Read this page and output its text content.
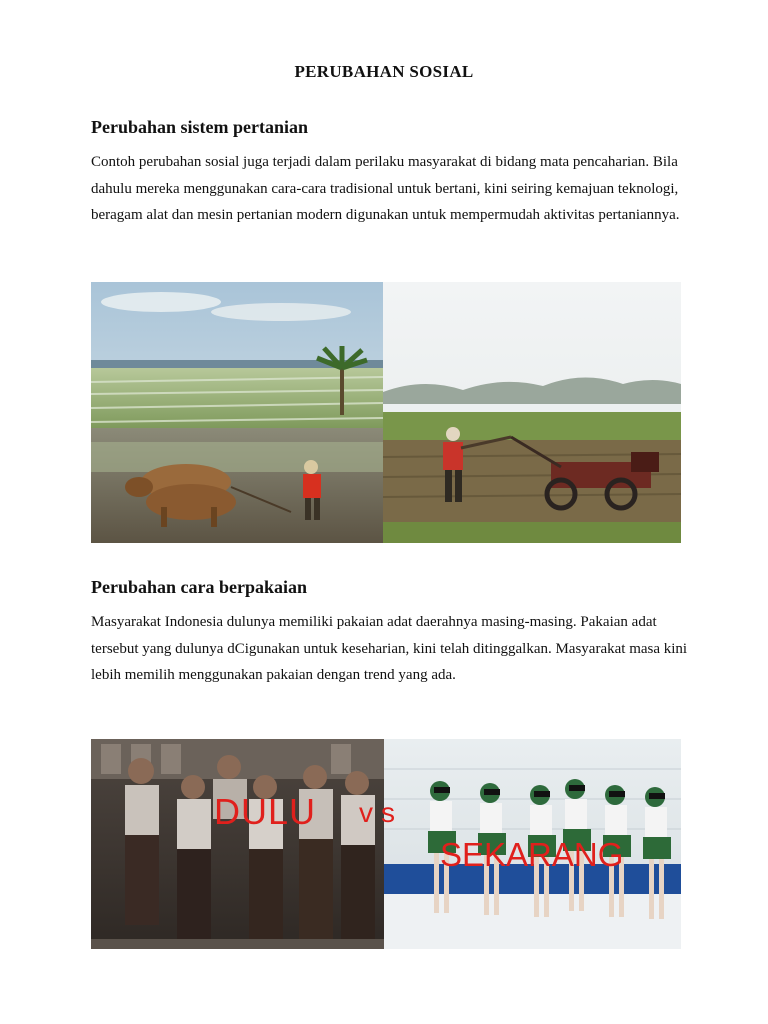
PERUBAHAN SOSIAL
Perubahan sistem pertanian
Contoh perubahan sosial juga terjadi dalam perilaku masyarakat di bidang mata pencaharian. Bila dahulu mereka menggunakan cara-cara tradisional untuk bertani, kini seiring kemajuan teknologi, beragam alat dan mesin pertanian modern digunakan untuk mempermudah aktivitas pertaniannya.
Perubahan cara berpakaian
Masyarakat Indonesia dulunya memiliki pakaian adat daerahnya masing-masing. Pakaian adat tersebut yang dulunya dCigunakan untuk keseharian, kini telah ditinggalkan. Masyarakat masa kini lebih memilih menggunakan pakaian dengan trend yang ada.
DULU vs
SEKARANG
